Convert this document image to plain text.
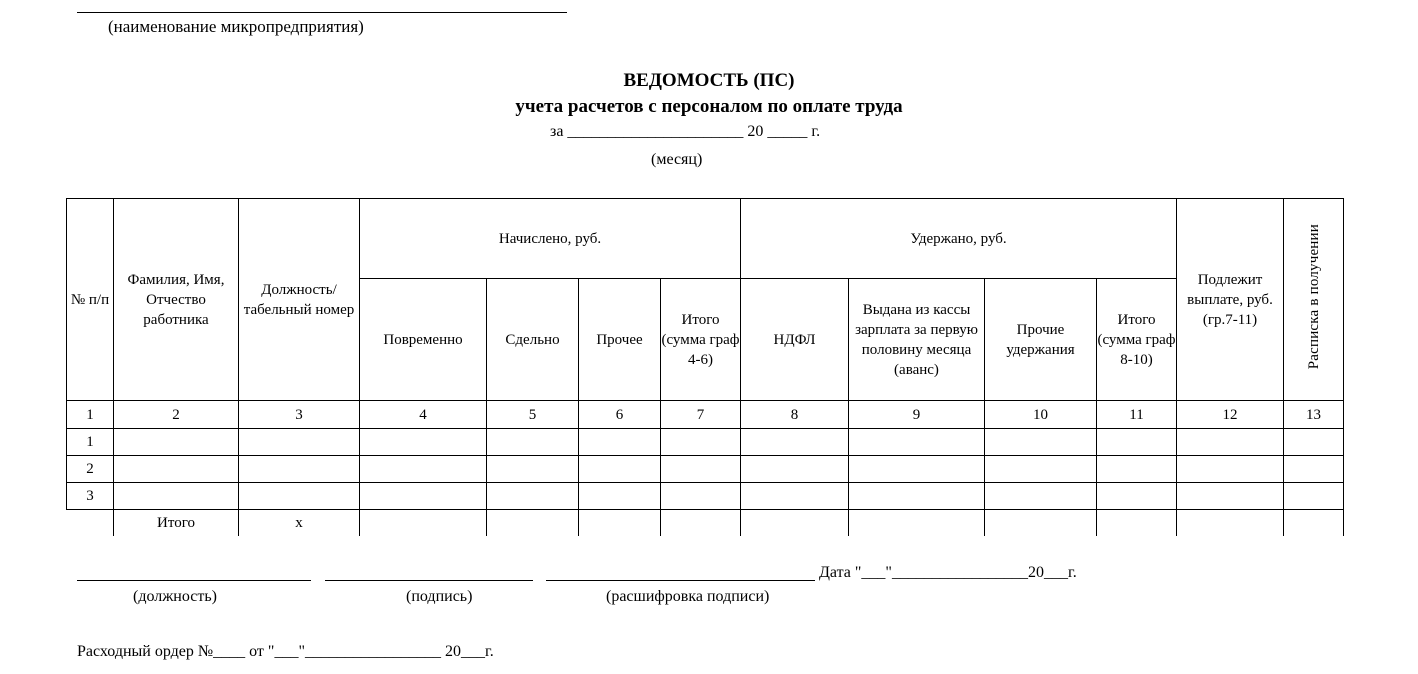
(наименование микропредприятия)
ВЕДОМОСТЬ (ПС)
учета расчетов с персоналом по оплате труда
за ______________________ 20 _____ г.
(месяц)
№ п/п	Фамилия, Имя, Отчество работника	Должность/ табельный номер	Начислено, руб.				Удержано, руб.				Подлежит выплате, руб. (гр.7-11)	Расписка в получении
			Повременно	Сдельно	Прочее	Итого (сумма граф 4-6)	НДФЛ	Выдана из кассы зарплата за первую половину месяца (аванс)	Прочие удержания	Итого (сумма граф 8-10)		
1	2	3	4	5	6	7	8	9	10	11	12	13
1												
2												
3												
	Итого	х										
Дата "___"_________________20___г.
(должность)	(подпись)	(расшифровка подписи)
Расходный ордер №____ от "___"_________________ 20___г.
